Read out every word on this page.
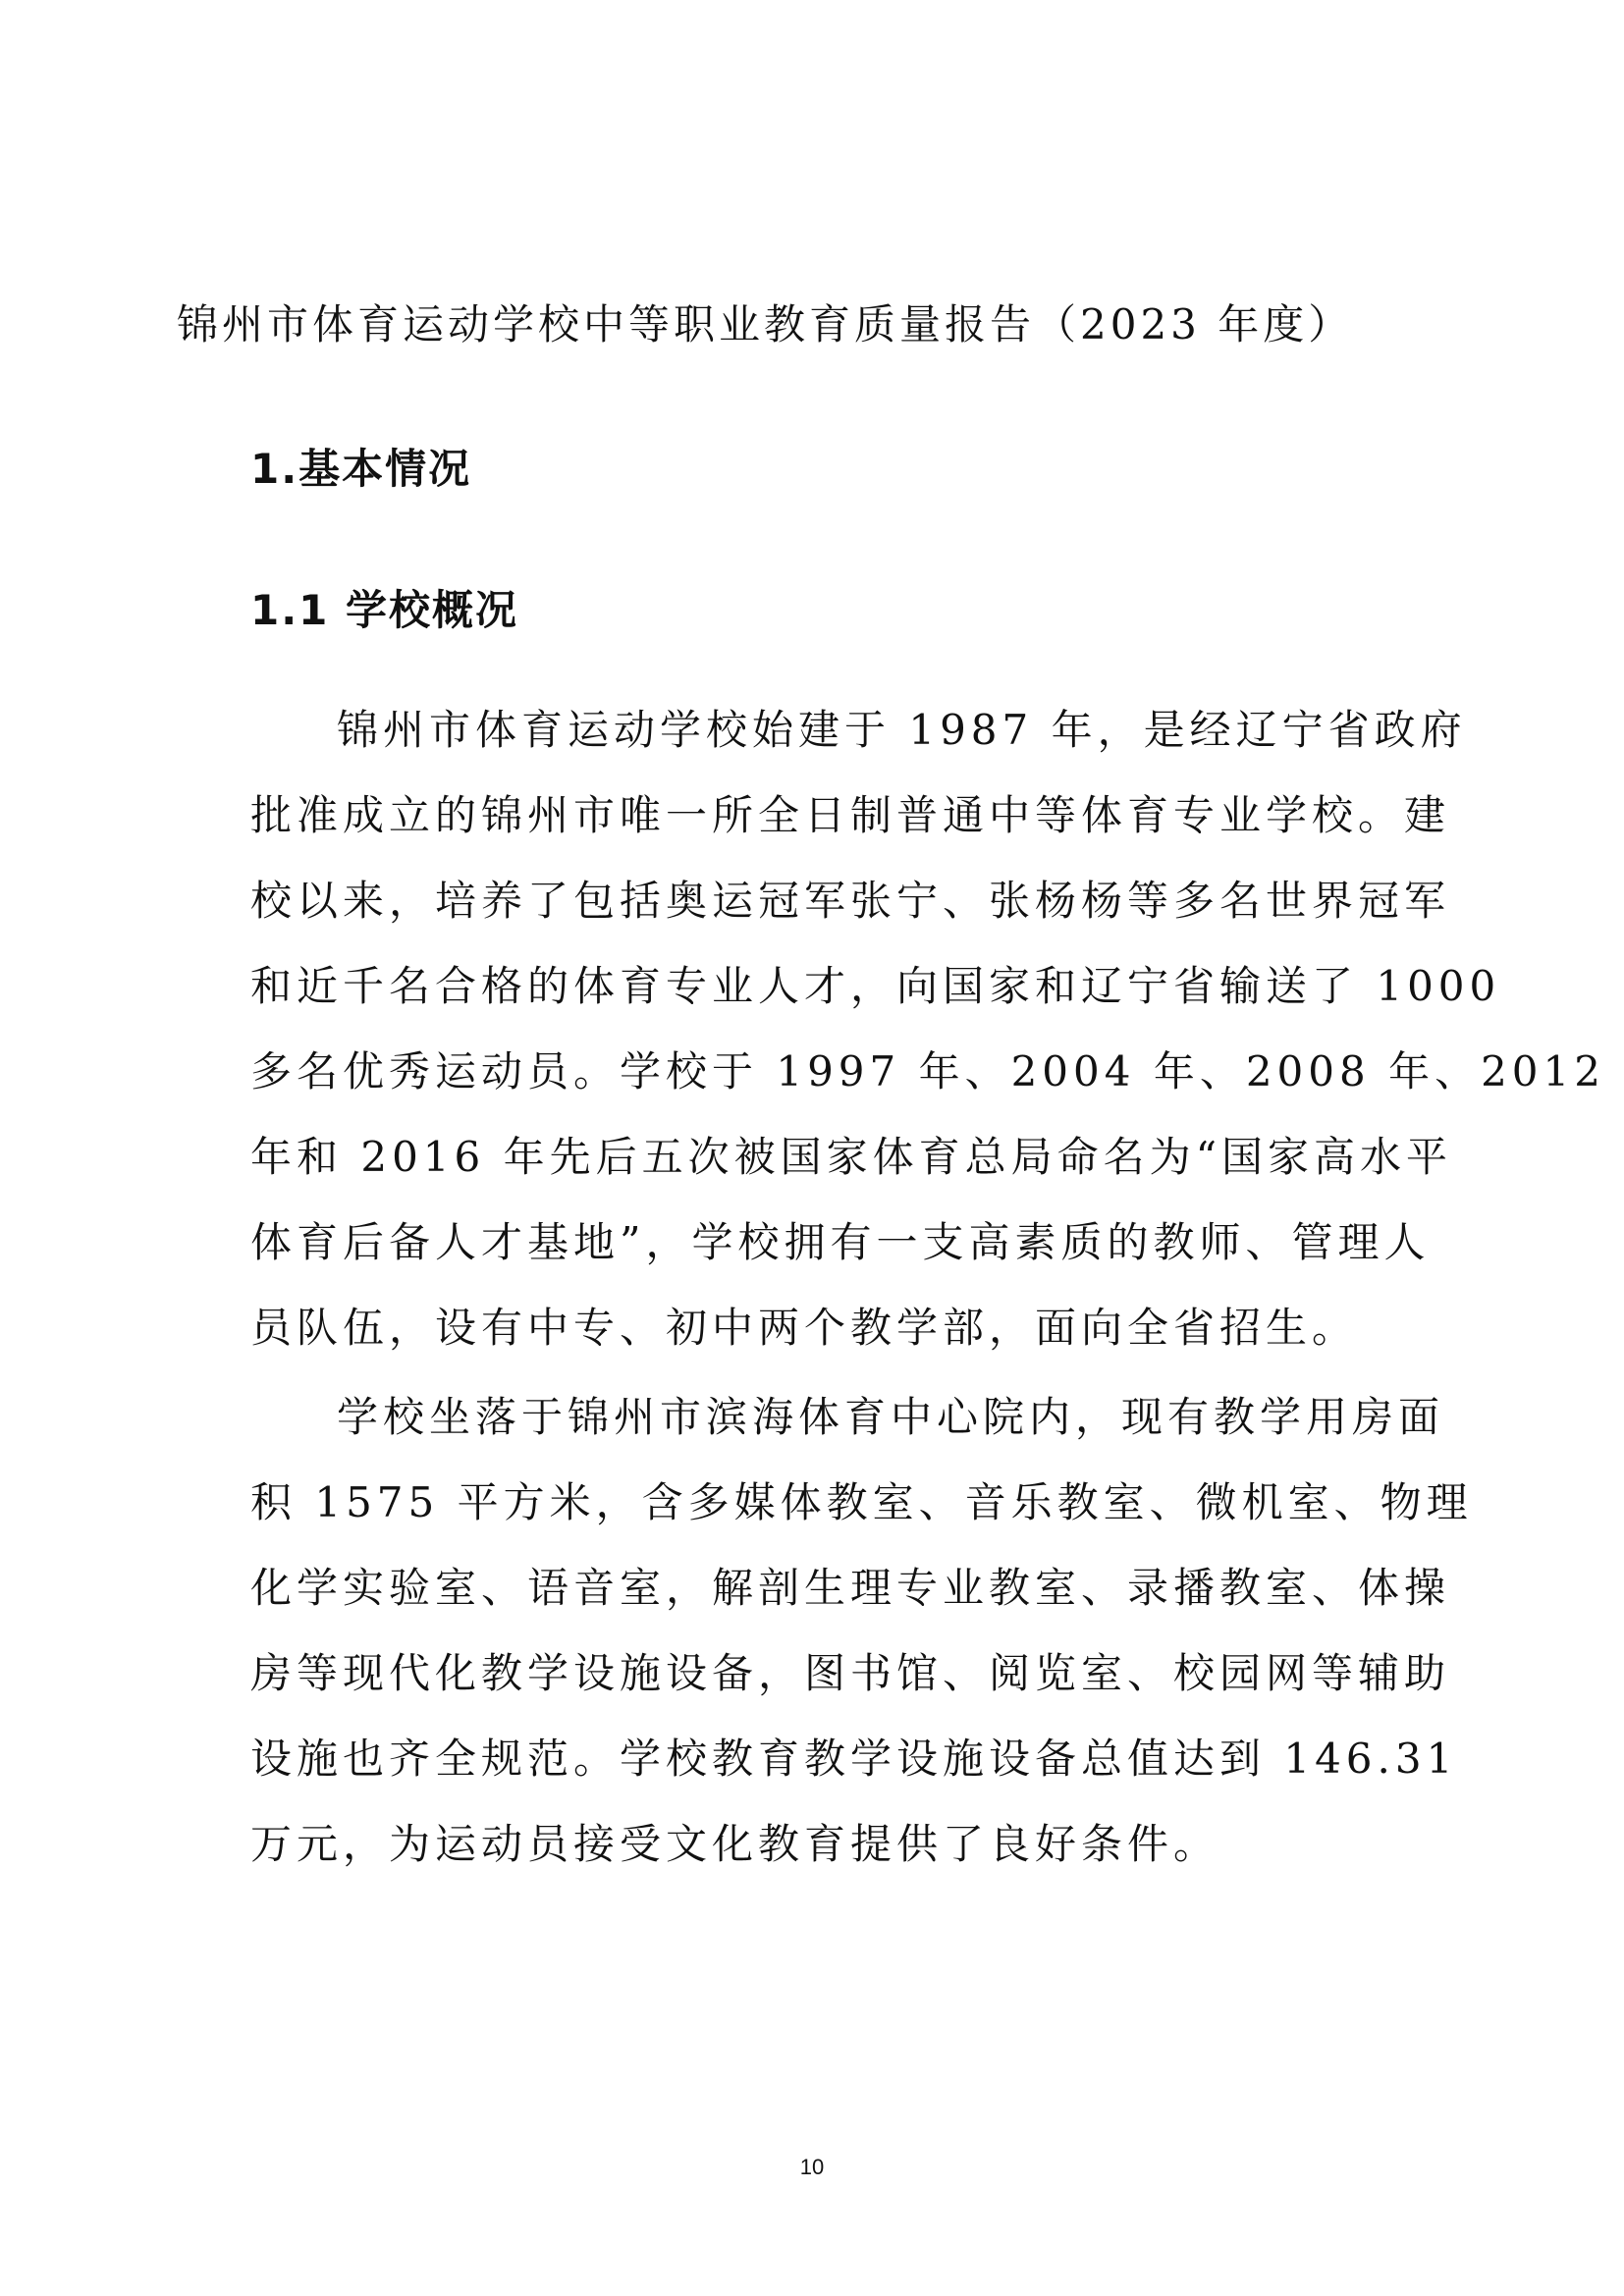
锦州市体育运动学校中等职业教育质量报告（2023 年度）
1.基本情况
1.1 学校概况
锦州市体育运动学校始建于 1987 年，是经辽宁省政府
批准成立的锦州市唯一所全日制普通中等体育专业学校。建
校以来，培养了包括奥运冠军张宁、张杨杨等多名世界冠军
和近千名合格的体育专业人才，向国家和辽宁省输送了 1000
多名优秀运动员。学校于 1997 年、2004 年、2008 年、2012
年和 2016 年先后五次被国家体育总局命名为“国家高水平
体育后备人才基地”，学校拥有一支高素质的教师、管理人
员队伍，设有中专、初中两个教学部，面向全省招生。
学校坐落于锦州市滨海体育中心院内，现有教学用房面
积 1575 平方米，含多媒体教室、音乐教室、微机室、物理
化学实验室、语音室，解剖生理专业教室、录播教室、体操
房等现代化教学设施设备，图书馆、阅览室、校园网等辅助
设施也齐全规范。学校教育教学设施设备总值达到 146.31
万元，为运动员接受文化教育提供了良好条件。
10
